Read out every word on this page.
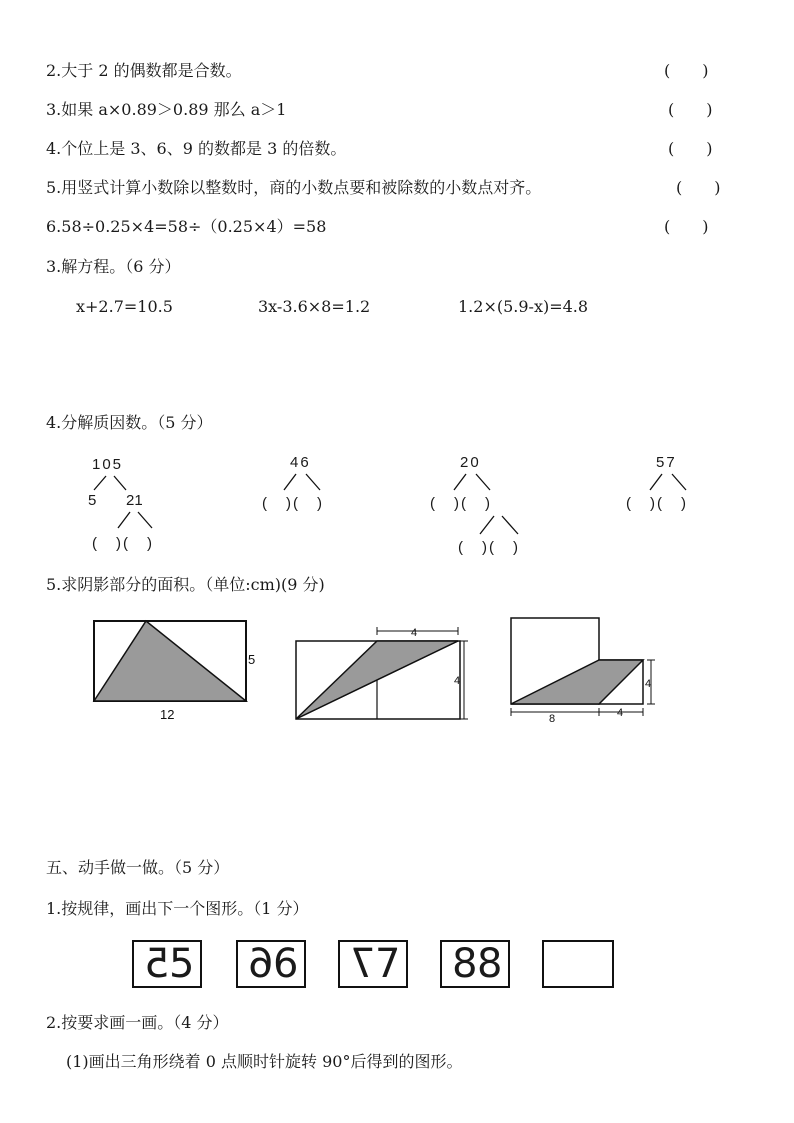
2.大于 2 的偶数都是合数。	(　　)
3.如果 a×0.89＞0.89 那么 a＞1	(　　)
4.个位上是 3、6、9 的数都是 3 的倍数。	(　　)
5.用竖式计算小数除以整数时，商的小数点要和被除数的小数点对齐。	(　　)
6.58÷0.25×4=58÷（0.25×4）=58	(　　)
3.解方程。（6 分）
x+2.7=10.5	3x-3.6×8=1.2	1.2×(5.9-x)=4.8
4.分解质因数。（5 分）
105
5 21
(　)(　)
46
(　)(　)
20
(　)(　)
(　)(　)
57
(　)(　)
5.求阴影部分的面积。（单位:cm)(9 分)
5
12
4
4
8	4
4
五、动手做一做。（5 分）
1.按规律，画出下一个图形。（1 分）
5 5 6 6 7 7 8 8
2.按要求画一画。（4 分）
(1)画出三角形绕着 0 点顺时针旋转 90°后得到的图形。
